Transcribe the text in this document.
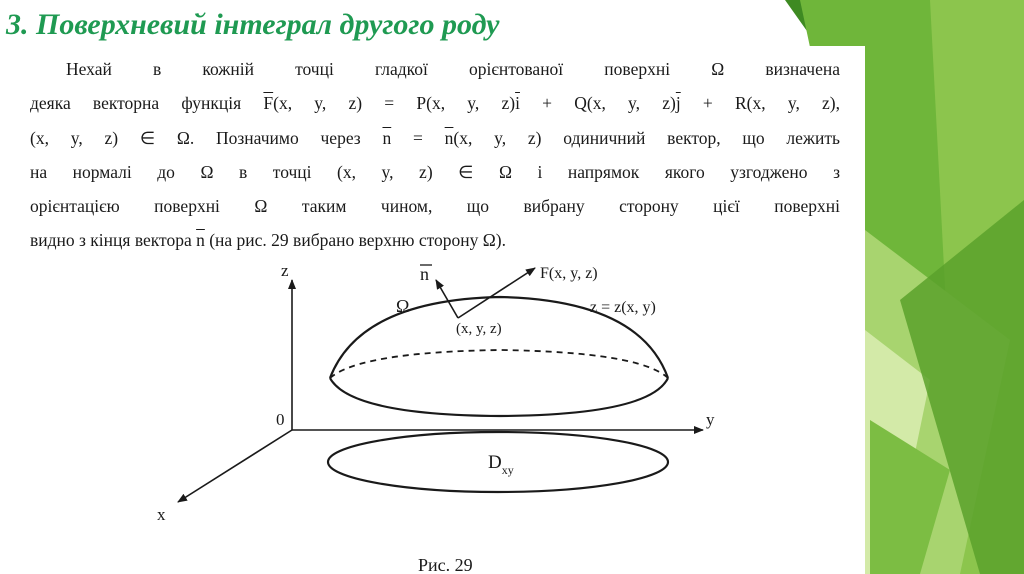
3. Поверхневий інтеграл другого роду
Нехай в кожній точці гладкої орієнтованої поверхні Ω визначена
деяка векторна функція $\overline{F}(x$, y, z) = P(x, y, $z)\overline{i} + Q(x$, y, $z)\overline{j} + R(x$, y, z),
(x, y, z) ∈ Ω. Позначимо через $\overline{n} = \overline{n}(x$, y, z) одиничний вектор, що лежить
на нормалі до Ω в точці (x, y, z) ∈ Ω і напрямок якого узгоджено з
орієнтацією поверхні Ω таким чином, що вибрану сторону цієї поверхні
видно з кінця вектора $\overline{n}$ (на рис. 29 вибрано верхню сторону Ω).
z
y
x
0
n	F(x, y, z)
(x, y, z)
Ω	z = z(x, y)
$D_{xy}$
Рис. 29
